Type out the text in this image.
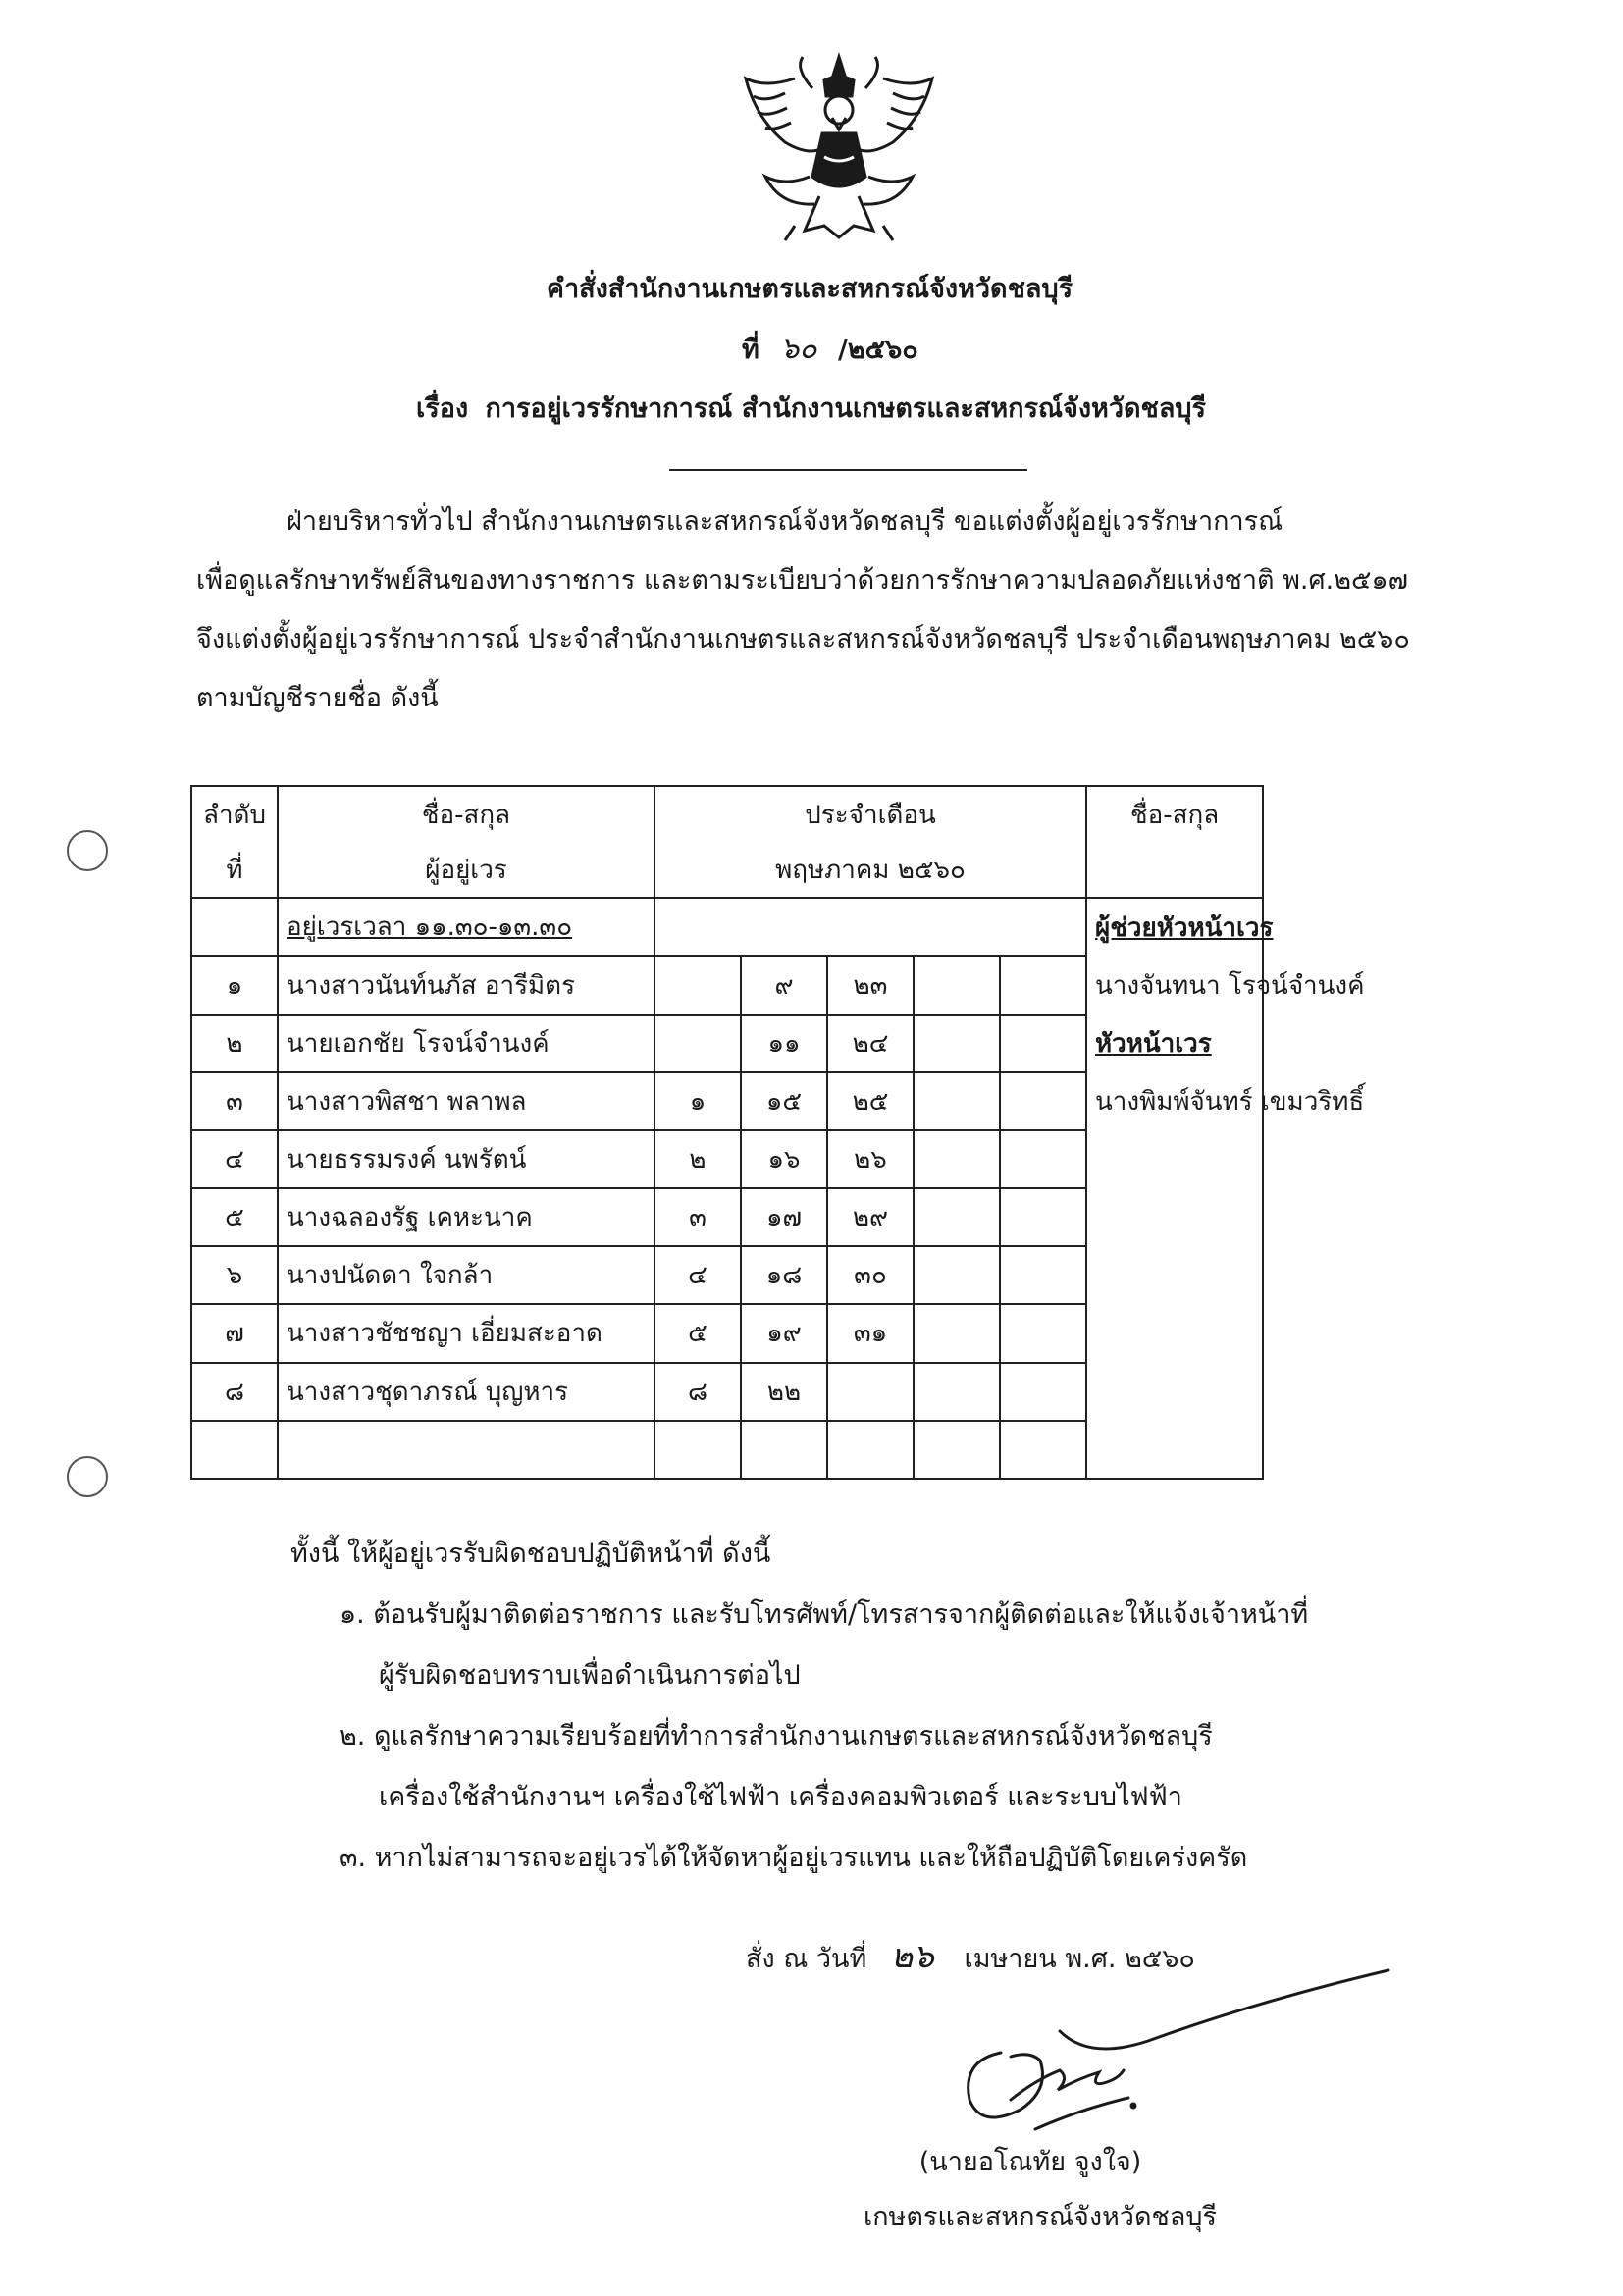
คำสั่งสำนักงานเกษตรและสหกรณ์จังหวัดชลบุรี
ที่ ๖๐ /๒๕๖๐
เรื่อง การอยู่เวรรักษาการณ์ สำนักงานเกษตรและสหกรณ์จังหวัดชลบุรี
ฝ่ายบริหารทั่วไป สำนักงานเกษตรและสหกรณ์จังหวัดชลบุรี ขอแต่งตั้งผู้อยู่เวรรักษาการณ์
เพื่อดูแลรักษาทรัพย์สินของทางราชการ และตามระเบียบว่าด้วยการรักษาความปลอดภัยแห่งชาติ พ.ศ.๒๕๑๗
จึงแต่งตั้งผู้อยู่เวรรักษาการณ์ ประจำสำนักงานเกษตรและสหกรณ์จังหวัดชลบุรี ประจำเดือนพฤษภาคม ๒๕๖๐
ตามบัญชีรายชื่อ ดังนี้
ลำดับ	ชื่อ-สกุล	ประจำเดือน					ชื่อ-สกุล
ที่	ผู้อยู่เวร	พฤษภาคม ๒๕๖๐					
	อยู่เวรเวลา ๑๑.๓๐-๑๓.๓๐						ผู้ช่วยหัวหน้าเวร
๑	นางสาวนันท์นภัส อารีมิตร		๙	๒๓			นางจันทนา โรจน์จำนงค์
๒	นายเอกชัย โรจน์จำนงค์		๑๑	๒๔			หัวหน้าเวร
๓	นางสาวพิสชา พลาพล	๑	๑๕	๒๕			นางพิมพ์จันทร์ เขมวริทธิ์
๔	นายธรรมรงค์ นพรัตน์	๒	๑๖	๒๖			
๕	นางฉลองรัฐ เคหะนาค	๓	๑๗	๒๙			
๖	นางปนัดดา ใจกล้า	๔	๑๘	๓๐			
๗	นางสาวชัชชญา เอี่ยมสะอาด	๕	๑๙	๓๑			
๘	นางสาวชุดาภรณ์ บุญหาร	๘	๒๒				

ทั้งนี้ ให้ผู้อยู่เวรรับผิดชอบปฏิบัติหน้าที่ ดังนี้
๑. ต้อนรับผู้มาติดต่อราชการ และรับโทรศัพท์/โทรสารจากผู้ติดต่อและให้แจ้งเจ้าหน้าที่
ผู้รับผิดชอบทราบเพื่อดำเนินการต่อไป
๒. ดูแลรักษาความเรียบร้อยที่ทำการสำนักงานเกษตรและสหกรณ์จังหวัดชลบุรี
เครื่องใช้สำนักงานฯ เครื่องใช้ไฟฟ้า เครื่องคอมพิวเตอร์ และระบบไฟฟ้า
๓. หากไม่สามารถจะอยู่เวรได้ให้จัดหาผู้อยู่เวรแทน และให้ถือปฏิบัติโดยเคร่งครัด
สั่ง ณ วันที่ ๒๖ เมษายน พ.ศ. ๒๕๖๐
(นายอโณทัย จูงใจ)
เกษตรและสหกรณ์จังหวัดชลบุรี
